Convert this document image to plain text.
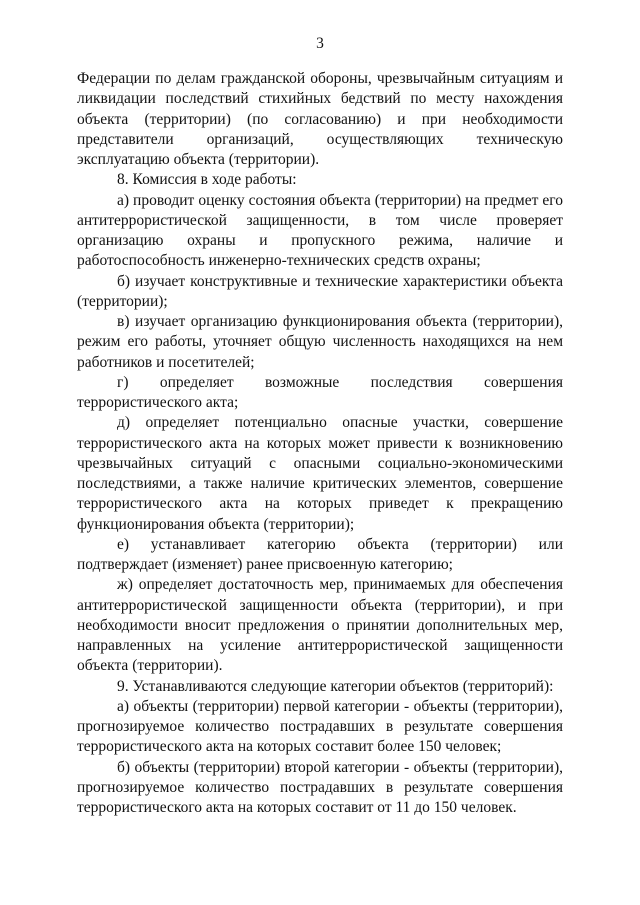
3

Федерации по делам гражданской обороны, чрезвычайным ситуациям и ликвидации последствий стихийных бедствий по месту нахождения объекта (территории) (по согласованию) и при необходимости представители организаций, осуществляющих техническую эксплуатацию объекта (территории).

8. Комиссия в ходе работы:

а) проводит оценку состояния объекта (территории) на предмет его антитеррористической защищенности, в том числе проверяет организацию охраны и пропускного режима, наличие и работоспособность инженерно-технических средств охраны;

б) изучает конструктивные и технические характеристики объекта (территории);

в) изучает организацию функционирования объекта (территории), режим его работы, уточняет общую численность находящихся на нем работников и посетителей;

г) определяет возможные последствия совершения террористического акта;

д) определяет потенциально опасные участки, совершение террористического акта на которых может привести к возникновению чрезвычайных ситуаций с опасными социально-экономическими последствиями, а также наличие критических элементов, совершение террористического акта на которых приведет к прекращению функционирования объекта (территории);

е) устанавливает категорию объекта (территории) или подтверждает (изменяет) ранее присвоенную категорию;

ж) определяет достаточность мер, принимаемых для обеспечения антитеррористической защищенности объекта (территории), и при необходимости вносит предложения о принятии дополнительных мер, направленных на усиление антитеррористической защищенности объекта (территории).

9. Устанавливаются следующие категории объектов (территорий):

а) объекты (территории) первой категории - объекты (территории), прогнозируемое количество пострадавших в результате совершения террористического акта на которых составит более 150 человек;

б) объекты (территории) второй категории - объекты (территории), прогнозируемое количество пострадавших в результате совершения террористического акта на которых составит от 11 до 150 человек.
